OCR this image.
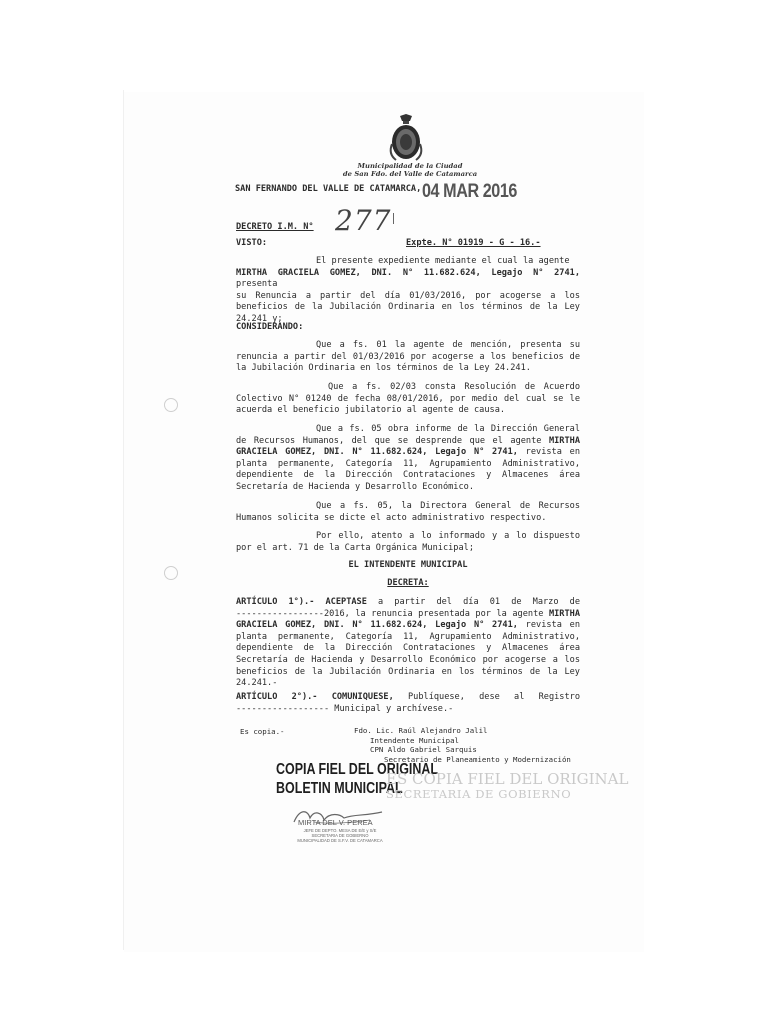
Municipalidad de la Ciudad
de San Fdo. del Valle de Catamarca
SAN FERNANDO DEL VALLE DE CATAMARCA, 04 MAR 2016
DECRETO I.M. N° 277
VISTO:	Expte. N° 01919 - G - 16.-
El presente expediente mediante el cual la agente
MIRTHA GRACIELA GOMEZ, DNI. N° 11.682.624, Legajo N° 2741, presenta
su Renuncia a partir del día 01/03/2016, por acogerse a los
beneficios de la Jubilación Ordinaria en los términos de la Ley
24.241 y;
CONSIDERANDO:
Que a fs. 01 la agente de mención, presenta su
renuncia a partir del 01/03/2016 por acogerse a los beneficios de
la Jubilación Ordinaria en los términos de la Ley 24.241.
Que a fs. 02/03 consta Resolución de Acuerdo
Colectivo N° 01240 de fecha 08/01/2016, por medio del cual se le
acuerda el beneficio jubilatorio al agente de causa.
Que a fs. 05 obra informe de la Dirección General
de Recursos Humanos, del que se desprende que el agente MIRTHA
GRACIELA GOMEZ, DNI. N° 11.682.624, Legajo N° 2741, revista en
planta permanente, Categoría 11, Agrupamiento Administrativo,
dependiente de la Dirección Contrataciones y Almacenes área
Secretaría de Hacienda y Desarrollo Económico.
Que a fs. 05, la Directora General de Recursos
Humanos solicita se dicte el acto administrativo respectivo.
Por ello, atento a lo informado y a lo dispuesto
por el art. 71 de la Carta Orgánica Municipal;
EL INTENDENTE MUNICIPAL
DECRETA:
ARTÍCULO 1°).- ACEPTASE a partir del día 01 de Marzo de
-----------------2016, la renuncia presentada por la agente MIRTHA
GRACIELA GOMEZ, DNI. N° 11.682.624, Legajo N° 2741, revista en
planta permanente, Categoría 11, Agrupamiento Administrativo,
dependiente de la Dirección Contrataciones y Almacenes área
Secretaría de Hacienda y Desarrollo Económico por acogerse a los
beneficios de la Jubilación Ordinaria en los términos de la Ley
24.241.-
ARTÍCULO 2°).- COMUNIQUESE, Publíquese, dese al Registro
------------------ Municipal y archívese.-
Es copia.-	Fdo. Lic. Raúl Alejandro Jalil
Intendente Municipal
CPN Aldo Gabriel Sarquis
Secretario de Planeamiento y Modernización
COPIA FIEL DEL ORIGINAL
BOLETIN MUNICIPAL
ES COPIA FIEL DEL ORIGINAL
SECRETARIA DE GOBIERNO
MIRTA DEL V. PEREA
JEFE DE DEPTO. MESA DE E/E y S/E
SECRETARIA DE GOBIERNO
MUNICIPALIDAD DE S.F.V. DE CATAMARCA
